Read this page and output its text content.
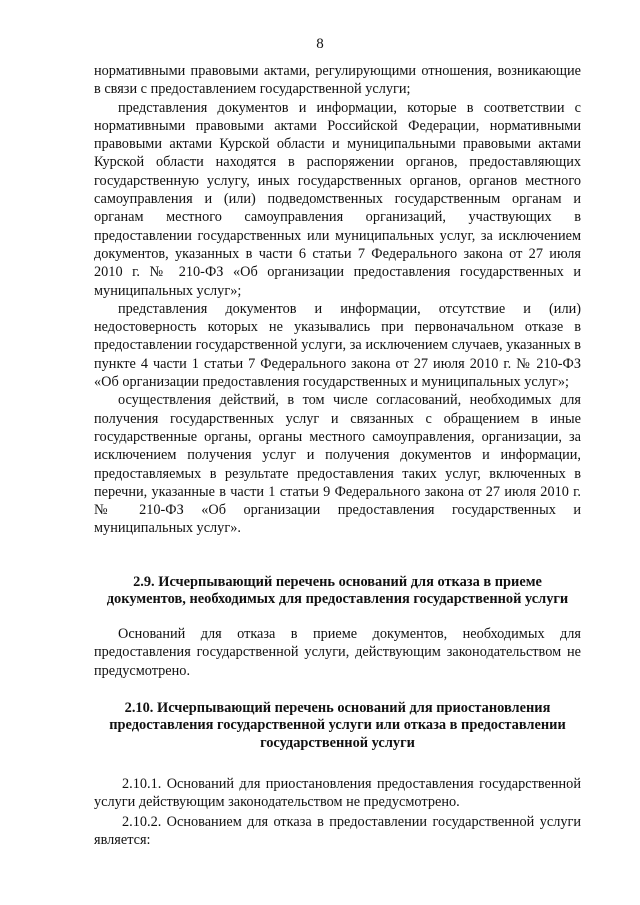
8

нормативными правовыми актами, регулирующими отношения, возникающие в связи с предоставлением государственной услуги;

представления документов и информации, которые в соответствии с нормативными правовыми актами Российской Федерации, нормативными правовыми актами Курской области и муниципальными правовыми актами Курской области находятся в распоряжении органов, предоставляющих государственную услугу, иных государственных органов, органов местного самоуправления и (или) подведомственных государственным органам и органам местного самоуправления организаций, участвующих в предоставлении государственных или муниципальных услуг, за исключением документов, указанных в части 6 статьи 7 Федерального закона от 27 июля 2010 г. № 210-ФЗ «Об организации предоставления государственных и муниципальных услуг»;

представления документов и информации, отсутствие и (или) недостоверность которых не указывались при первоначальном отказе в предоставлении государственной услуги, за исключением случаев, указанных в пункте 4 части 1 статьи 7 Федерального закона от 27 июля 2010 г. № 210-ФЗ «Об организации предоставления государственных и муниципальных услуг»;

осуществления действий, в том числе согласований, необходимых для получения государственных услуг и связанных с обращением в иные государственные органы, органы местного самоуправления, организации, за исключением получения услуг и получения документов и информации, предоставляемых в результате предоставления таких услуг, включенных в перечни, указанные в части 1 статьи 9 Федерального закона от 27 июля 2010 г. № 210-ФЗ «Об организации предоставления государственных и муниципальных услуг».

2.9. Исчерпывающий перечень оснований для отказа в приеме документов, необходимых для предоставления государственной услуги

Оснований для отказа в приеме документов, необходимых для предоставления государственной услуги, действующим законодательством не предусмотрено.

2.10. Исчерпывающий перечень оснований для приостановления предоставления государственной услуги или отказа в предоставлении государственной услуги

2.10.1. Оснований для приостановления предоставления государственной услуги действующим законодательством не предусмотрено.

2.10.2. Основанием для отказа в предоставлении государственной услуги является:
